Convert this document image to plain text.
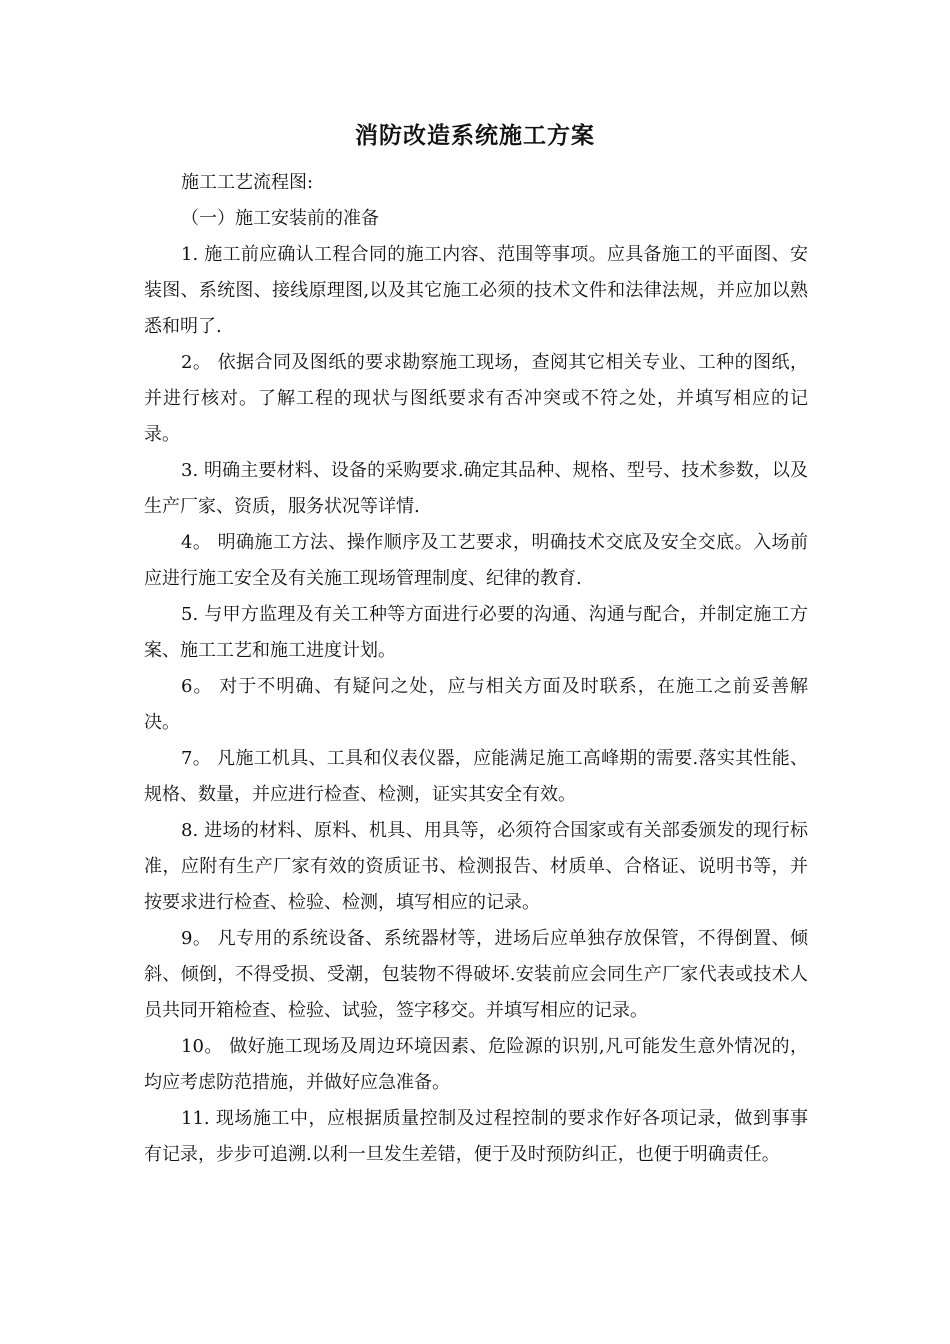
消防改造系统施工方案

施工工艺流程图:

（一）施工安装前的准备

1. 施工前应确认工程合同的施工内容、范围等事项。应具备施工的平面图、安装图、系统图、接线原理图,以及其它施工必须的技术文件和法律法规，并应加以熟悉和明了.

2。 依据合同及图纸的要求勘察施工现场，查阅其它相关专业、工种的图纸，并进行核对。了解工程的现状与图纸要求有否冲突或不符之处，并填写相应的记录。

3. 明确主要材料、设备的采购要求.确定其品种、规格、型号、技术参数，以及生产厂家、资质，服务状况等详情.

4。 明确施工方法、操作顺序及工艺要求，明确技术交底及安全交底。入场前应进行施工安全及有关施工现场管理制度、纪律的教育.

5. 与甲方监理及有关工种等方面进行必要的沟通、沟通与配合，并制定施工方案、施工工艺和施工进度计划。

6。 对于不明确、有疑问之处，应与相关方面及时联系，在施工之前妥善解决。

7。 凡施工机具、工具和仪表仪器，应能满足施工高峰期的需要.落实其性能、规格、数量，并应进行检查、检测，证实其安全有效。

8. 进场的材料、原料、机具、用具等，必须符合国家或有关部委颁发的现行标准，应附有生产厂家有效的资质证书、检测报告、材质单、合格证、说明书等，并按要求进行检查、检验、检测，填写相应的记录。

9。 凡专用的系统设备、系统器材等，进场后应单独存放保管，不得倒置、倾斜、倾倒，不得受损、受潮，包装物不得破坏.安装前应会同生产厂家代表或技术人员共同开箱检查、检验、试验，签字移交。并填写相应的记录。

10。 做好施工现场及周边环境因素、危险源的识别,凡可能发生意外情况的，均应考虑防范措施，并做好应急准备。

11. 现场施工中，应根据质量控制及过程控制的要求作好各项记录，做到事事有记录，步步可追溯.以利一旦发生差错，便于及时预防纠正，也便于明确责任。
